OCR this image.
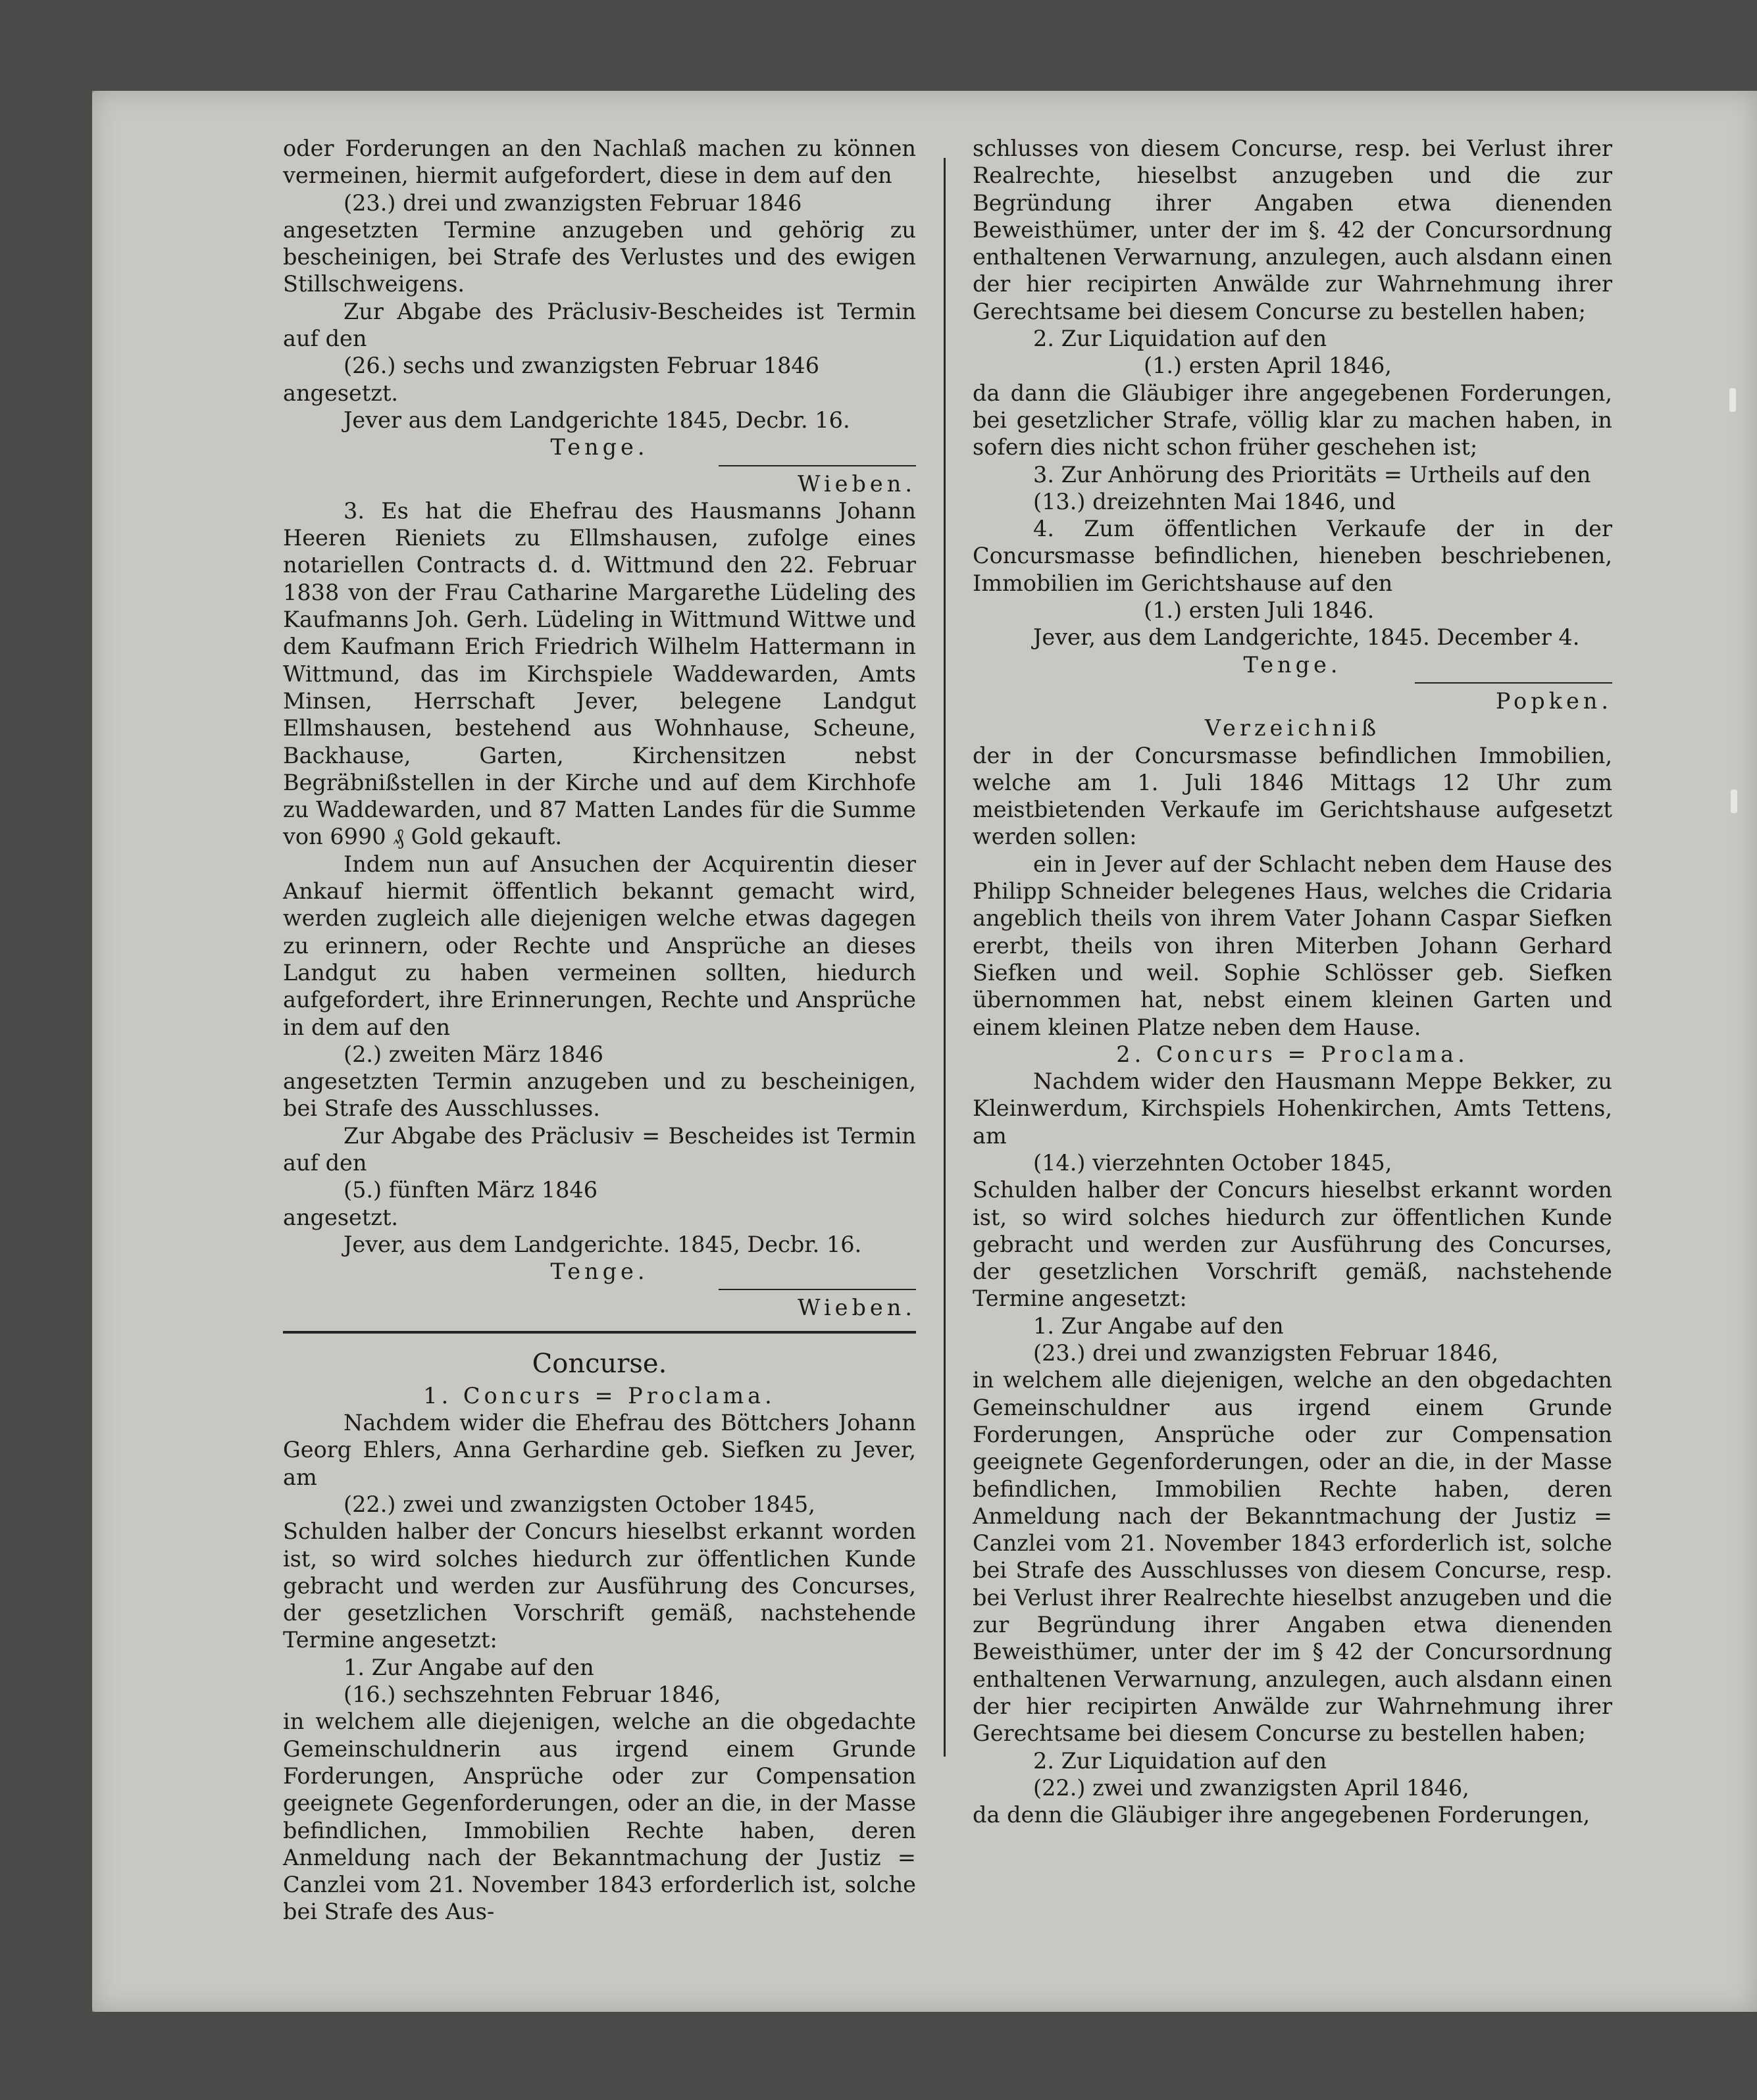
oder Forderungen an den Nachlaß machen zu können vermeinen, hiermit aufgefordert, diese in dem auf den

(23.) drei und zwanzigsten Februar 1846

angesetzten Termine anzugeben und gehörig zu bescheinigen, bei Strafe des Verlustes und des ewigen Stillschweigens.

Zur Abgabe des Präclusiv-Bescheides ist Termin auf den

(26.) sechs und zwanzigsten Februar 1846

angesetzt.

Jever aus dem Landgerichte 1845, Decbr. 16.

Tenge.

Wieben.

3. Es hat die Ehefrau des Hausmanns Johann Heeren Rieniets zu Ellmshausen, zufolge eines notariellen Contracts d. d. Wittmund den 22. Februar 1838 von der Frau Catharine Margarethe Lüdeling des Kaufmanns Joh. Gerh. Lüdeling in Wittmund Wittwe und dem Kaufmann Erich Friedrich Wilhelm Hattermann in Wittmund, das im Kirchspiele Waddewarden, Amts Minsen, Herrschaft Jever, belegene Landgut Ellmshausen, bestehend aus Wohnhause, Scheune, Backhause, Garten, Kirchensitzen nebst Begräbnißstellen in der Kirche und auf dem Kirchhofe zu Waddewarden, und 87 Matten Landes für die Summe von 6990 ₰ Gold gekauft.

Indem nun auf Ansuchen der Acquirentin dieser Ankauf hiermit öffentlich bekannt gemacht wird, werden zugleich alle diejenigen welche etwas dagegen zu erinnern, oder Rechte und Ansprüche an dieses Landgut zu haben vermeinen sollten, hiedurch aufgefordert, ihre Erinnerungen, Rechte und Ansprüche in dem auf den

(2.) zweiten März 1846

angesetzten Termin anzugeben und zu bescheinigen, bei Strafe des Ausschlusses.

Zur Abgabe des Präclusiv = Bescheides ist Termin auf den

(5.) fünften März 1846

angesetzt.

Jever, aus dem Landgerichte. 1845, Decbr. 16.

Tenge.

Wieben.

Concurse.

1. Concurs = Proclama.

Nachdem wider die Ehefrau des Böttchers Johann Georg Ehlers, Anna Gerhardine geb. Siefken zu Jever, am

(22.) zwei und zwanzigsten October 1845,

Schulden halber der Concurs hieselbst erkannt worden ist, so wird solches hiedurch zur öffentlichen Kunde gebracht und werden zur Ausführung des Concurses, der gesetzlichen Vorschrift gemäß, nachstehende Termine angesetzt:

1. Zur Angabe auf den

(16.) sechszehnten Februar 1846,

in welchem alle diejenigen, welche an die obgedachte Gemeinschuldnerin aus irgend einem Grunde Forderungen, Ansprüche oder zur Compensation geeignete Gegenforderungen, oder an die, in der Masse befindlichen, Immobilien Rechte haben, deren Anmeldung nach der Bekanntmachung der Justiz = Canzlei vom 21. November 1843 erforderlich ist, solche bei Strafe des Aus-

schlusses von diesem Concurse, resp. bei Verlust ihrer Realrechte, hieselbst anzugeben und die zur Begründung ihrer Angaben etwa dienenden Beweisthümer, unter der im §. 42 der Concursordnung enthaltenen Verwarnung, anzulegen, auch alsdann einen der hier recipirten Anwälde zur Wahrnehmung ihrer Gerechtsame bei diesem Concurse zu bestellen haben;

2. Zur Liquidation auf den

(1.) ersten April 1846,

da dann die Gläubiger ihre angegebenen Forderungen, bei gesetzlicher Strafe, völlig klar zu machen haben, in sofern dies nicht schon früher geschehen ist;

3. Zur Anhörung des Prioritäts = Urtheils auf den

(13.) dreizehnten Mai 1846, und

4. Zum öffentlichen Verkaufe der in der Concursmasse befindlichen, hieneben beschriebenen, Immobilien im Gerichtshause auf den

(1.) ersten Juli 1846.

Jever, aus dem Landgerichte, 1845. December 4.

Tenge.

Popken.

Verzeichniß

der in der Concursmasse befindlichen Immobilien, welche am 1. Juli 1846 Mittags 12 Uhr zum meistbietenden Verkaufe im Gerichtshause aufgesetzt werden sollen:

ein in Jever auf der Schlacht neben dem Hause des Philipp Schneider belegenes Haus, welches die Cridaria angeblich theils von ihrem Vater Johann Caspar Siefken ererbt, theils von ihren Miterben Johann Gerhard Siefken und weil. Sophie Schlösser geb. Siefken übernommen hat, nebst einem kleinen Garten und einem kleinen Platze neben dem Hause.

2. Concurs = Proclama.

Nachdem wider den Hausmann Meppe Bekker, zu Kleinwerdum, Kirchspiels Hohenkirchen, Amts Tettens, am

(14.) vierzehnten October 1845,

Schulden halber der Concurs hieselbst erkannt worden ist, so wird solches hiedurch zur öffentlichen Kunde gebracht und werden zur Ausführung des Concurses, der gesetzlichen Vorschrift gemäß, nachstehende Termine angesetzt:

1. Zur Angabe auf den

(23.) drei und zwanzigsten Februar 1846,

in welchem alle diejenigen, welche an den obgedachten Gemeinschuldner aus irgend einem Grunde Forderungen, Ansprüche oder zur Compensation geeignete Gegenforderungen, oder an die, in der Masse befindlichen, Immobilien Rechte haben, deren Anmeldung nach der Bekanntmachung der Justiz = Canzlei vom 21. November 1843 erforderlich ist, solche bei Strafe des Ausschlusses von diesem Concurse, resp. bei Verlust ihrer Realrechte hieselbst anzugeben und die zur Begründung ihrer Angaben etwa dienenden Beweisthümer, unter der im § 42 der Concursordnung enthaltenen Verwarnung, anzulegen, auch alsdann einen der hier recipirten Anwälde zur Wahrnehmung ihrer Gerechtsame bei diesem Concurse zu bestellen haben;

2. Zur Liquidation auf den

(22.) zwei und zwanzigsten April 1846,

da denn die Gläubiger ihre angegebenen Forderungen,
